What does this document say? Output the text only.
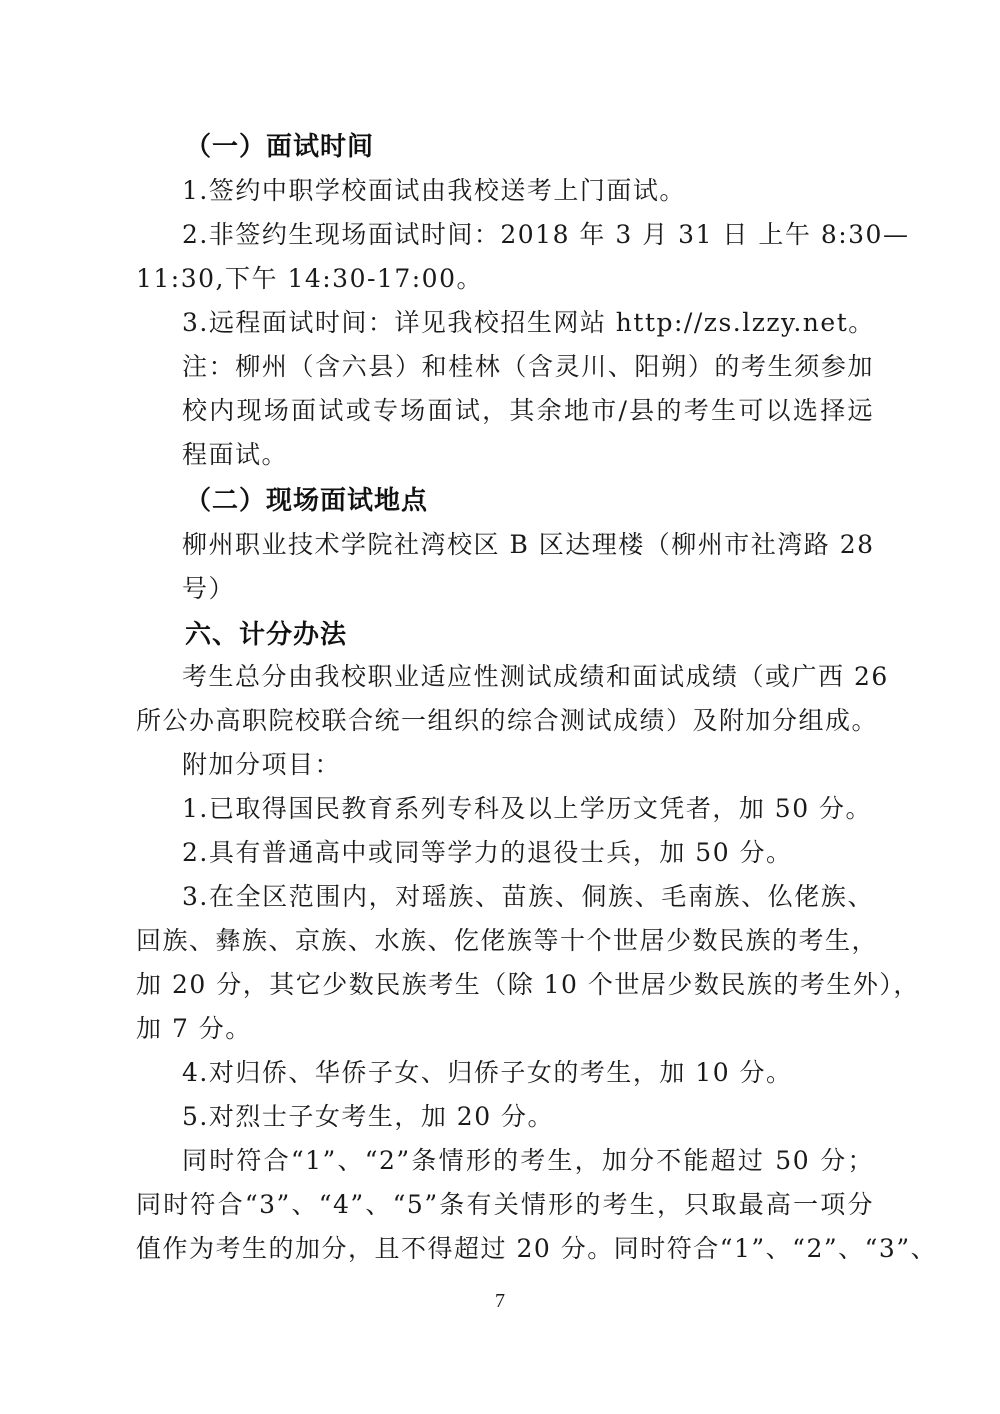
（一）面试时间
1.签约中职学校面试由我校送考上门面试。
2.非签约生现场面试时间：2018 年 3 月 31 日 上午 8:30—
11:30,下午 14:30-17:00。
3.远程面试时间：详见我校招生网站 http://zs.lzzy.net。
注：柳州（含六县）和桂林（含灵川、阳朔）的考生须参加
校内现场面试或专场面试，其余地市/县的考生可以选择远
程面试。
（二）现场面试地点
柳州职业技术学院社湾校区 B 区达理楼（柳州市社湾路 28
号）
六、计分办法
考生总分由我校职业适应性测试成绩和面试成绩（或广西 26
所公办高职院校联合统一组织的综合测试成绩）及附加分组成。
附加分项目：
1.已取得国民教育系列专科及以上学历文凭者，加 50 分。
2.具有普通高中或同等学力的退役士兵，加 50 分。
3.在全区范围内，对瑶族、苗族、侗族、毛南族、仫佬族、
回族、彝族、京族、水族、仡佬族等十个世居少数民族的考生，
加 20 分，其它少数民族考生（除 10 个世居少数民族的考生外），
加 7 分。
4.对归侨、华侨子女、归侨子女的考生，加 10 分。
5.对烈士子女考生，加 20 分。
同时符合“1”、“2”条情形的考生，加分不能超过 50 分；
同时符合“3”、“4”、“5”条有关情形的考生，只取最高一项分
值作为考生的加分，且不得超过 20 分。同时符合“1”、“2”、“3”、
7
